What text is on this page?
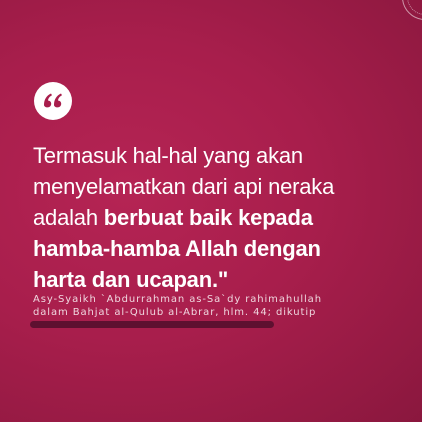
Termasuk hal-hal yang akan
menyelamatkan dari api neraka
adalah berbuat baik kepada
hamba-hamba Allah dengan
harta dan ucapan."
Asy-Syaikh `Abdurrahman as-Sa`dy rahimahullah
dalam Bahjat al-Qulub al-Abrar, hlm. 44; dikutip
